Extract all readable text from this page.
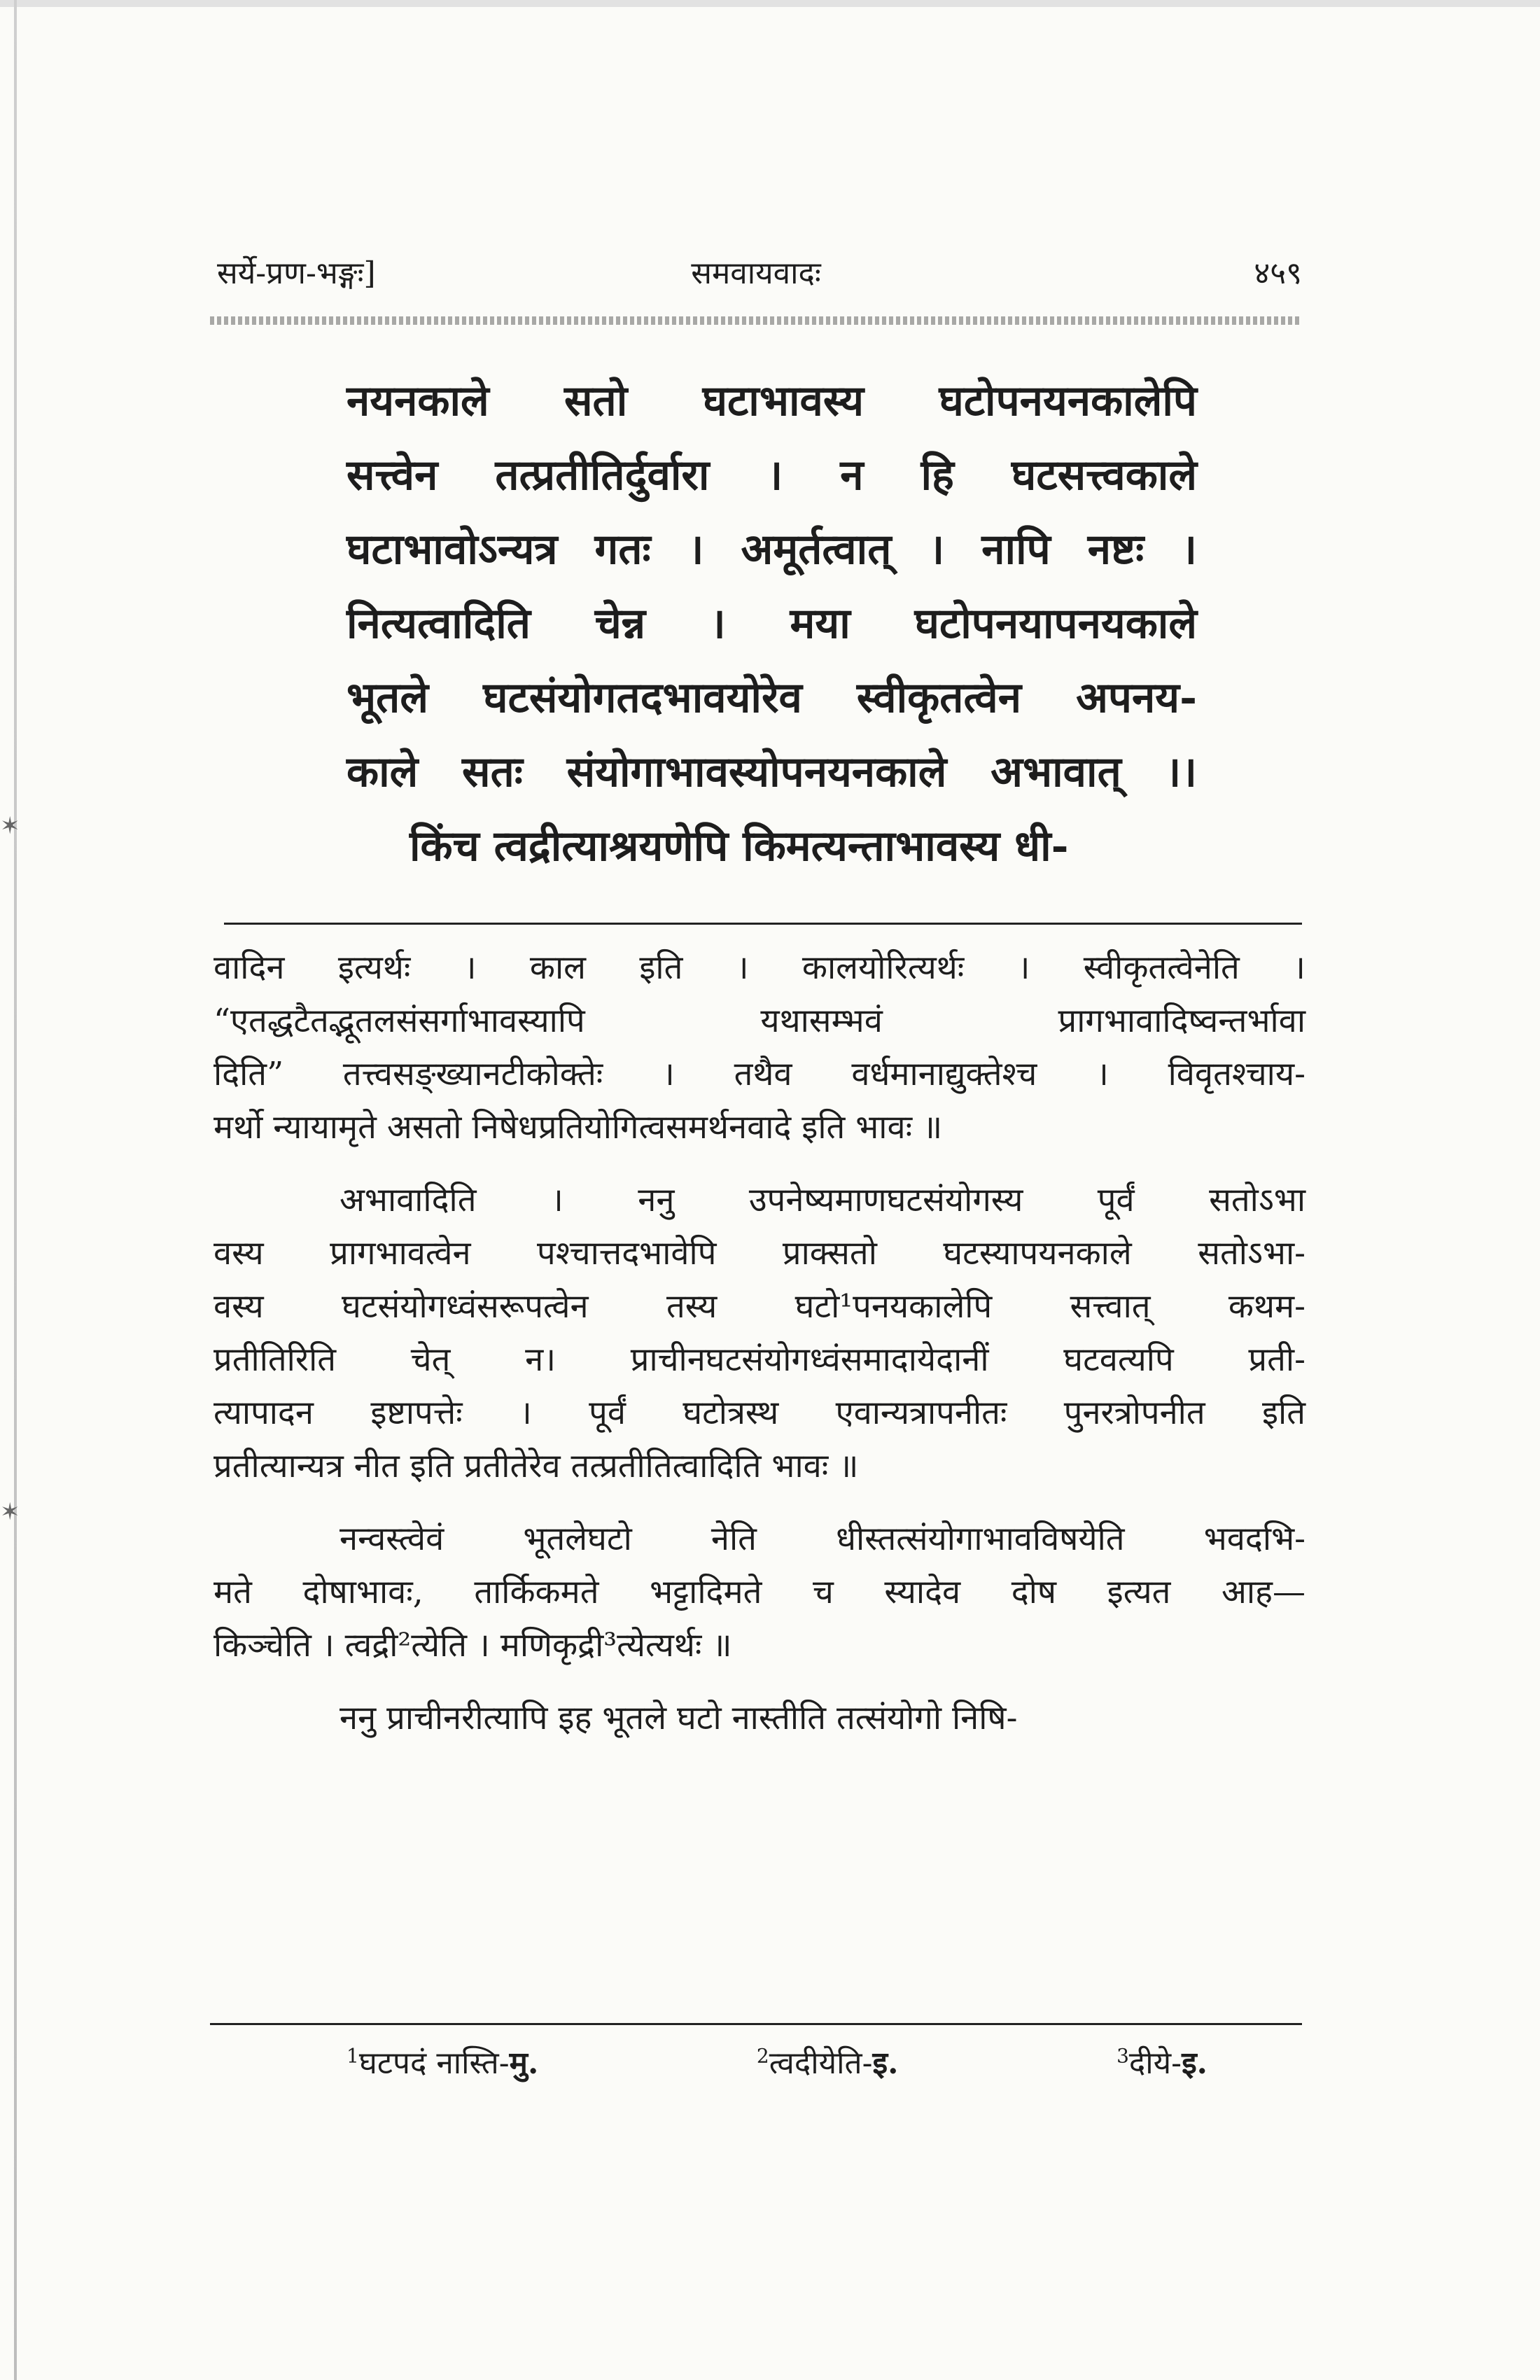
✶
✶
सर्ये-प्रण-भङ्गः]	समवायवादः	४५९
नयनकाले सतो घटाभावस्य घटोपनयनकालेपि
सत्त्वेन तत्प्रतीतिर्दुर्वारा । न हि घटसत्त्वकाले
घटाभावोऽन्यत्र गतः । अमूर्तत्वात् । नापि नष्टः ।
नित्यत्वादिति चेन्न । मया घटोपनयापनयकाले
भूतले घटसंयोगतदभावयोरेव स्वीकृतत्वेन अपनय-
काले सतः संयोगाभावस्योपनयनकाले अभावात् ।।
किंच त्वद्रीत्याश्रयणेपि किमत्यन्ताभावस्य धी-

वादिन इत्यर्थः । काल इति । कालयोरित्यर्थः । स्वीकृतत्वेनेति ।

“एतद्धटैतद्भूतलसंसर्गाभावस्यापि यथासम्भवं प्रागभावादिष्वन्तर्भावा

दिति” तत्त्वसङ्ख्यानटीकोक्तेः । तथैव वर्धमानाद्युक्तेश्च । विवृतश्चाय-

मर्थो न्यायामृते असतो निषेधप्रतियोगित्वसमर्थनवादे इति भावः ॥

अभावादिति । ननु उपनेष्यमाणघटसंयोगस्य पूर्वं सतोऽभा

वस्य प्रागभावत्वेन पश्चात्तदभावेपि प्राक्सतो घटस्यापयनकाले सतोऽभा-

वस्य घटसंयोगध्वंसरूपत्वेन तस्य घटो¹पनयकालेपि सत्त्वात् कथम-

प्रतीतिरिति चेत् न। प्राचीनघटसंयोगध्वंसमादायेदानीं घटवत्यपि प्रती-

त्यापादन इष्टापत्तेः । पूर्वं घटोत्रस्थ एवान्यत्रापनीतः पुनरत्रोपनीत इति

प्रतीत्यान्यत्र नीत इति प्रतीतेरेव तत्प्रतीतित्वादिति भावः ॥

नन्वस्त्वेवं भूतलेघटो नेति धीस्तत्संयोगाभावविषयेति भवदभि-

मते दोषाभावः, तार्किकमते भट्टादिमते च स्यादेव दोष इत्यत आह—

किञ्चेति । त्वद्री²त्येति । मणिकृद्री³त्येत्यर्थः ॥

ननु प्राचीनरीत्यापि इह भूतले घटो नास्तीति तत्संयोगो निषि-

$^1$घटपदं नास्ति-मु.	$^2$त्वदीयेति-इ.	$^3$दीये-इ.
